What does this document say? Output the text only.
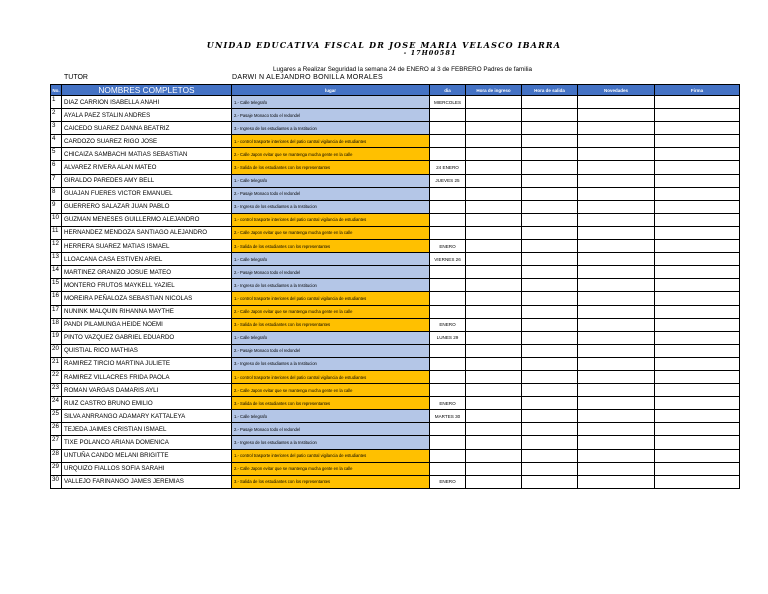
UNIDAD EDUCATIVA FISCAL DR JOSE MARIA VELASCO IBARRA
- 17H00581
Lugares a Realizar Seguridad la semana 24 de ENERO al 3 de FEBRERO Padres de familia
TUTOR	DARWI N ALEJANDRO BONILLA MORALES
No.	NOMBRES COMPLETOS	lugar	dia	Hora de ingreso	Hora de salida	Novedades	Firma
1	DIAZ CARRION ISABELLA ANAHI	1.- Calle telegrafo	MIERCOLES				
2	AYALA PAEZ STALIN ANDRES	2.- Pasaje Monaco todo el redondel					
3	CAICEDO SUAREZ DANNA BEATRIZ	3.- Ingreso de los estudiantes a la Institucion					
4	CARDOZO SUAREZ RIGO JOSE	1.- control trasporte interiores del patio cantral vigilancia de estudiantes					
5	CHICAIZA SAMBACHI MATIAS SEBASTIAN	2.- Calle Japon evitar que se mantenga mucha gente en la calle					
6	ALVAREZ RIVERA ALAN MATEO	3.- Salida de los estudiantes con los representantes	24 ENERO				
7	GIRALDO PAREDES AMY BELL	1.- Calle telegrafo	JUEVES 25				
8	GUAJAN FUERES VICTOR EMANUEL	2.- Pasaje Monaco todo el redondel					
9	GUERRERO SALAZAR JUAN PABLO	3.- Ingreso de los estudiantes a la Institucion					
10	GUZMAN MENESES GUILLERMO ALEJANDRO	1.- control trasporte interiores del patio cantral vigilancia de estudiantes					
11	HERNANDEZ MENDOZA SANTIAGO ALEJANDRO	2.- Calle Japon evitar que se mantenga mucha gente en la calle					
12	HERRERA SUAREZ MATIAS ISMAEL	3.- Salida de los estudiantes con los representantes	ENERO				
13	LLOACANA CASA ESTIVEN ARIEL	1.- Calle telegrafo	VIERNES 26				
14	MARTINEZ GRANIZO JOSUE MATEO	2.- Pasaje Monaco todo el redondel					
15	MONTERO FRUTOS MAYKELL YAZIEL	3.- Ingreso de los estudiantes a la Institucion					
16	MOREIRA PEÑALOZA SEBASTIAN NICOLAS	1.- control trasporte interiores del patio cantral vigilancia de estudiantes					
17	NUNINK MALQUIN RIHANNA MAYTHE	2.- Calle Japon evitar que se mantenga mucha gente en la calle					
18	PANDI PILAMUNGA HEIDE NOEMI	3.- Salida de los estudiantes con los representantes	ENERO				
19	PINTO VAZQUEZ GABRIEL EDUARDO	1.- Calle telegrafo	LUNES 29				
20	QUISTIAL RICO MATHIAS	2.- Pasaje Monaco todo el redondel					
21	RAMIREZ TIRCIO MARTINA JULIETE	3.- Ingreso de los estudiantes a la Institucion					
22	RAMIREZ VILLACRES FRIDA PAOLA	1.- control trasporte interiores del patio cantral vigilancia de estudiantes					
23	ROMAN VARGAS DAMARIS AYLI	2.- Calle Japon evitar que se mantenga mucha gente en la calle					
24	RUIZ CASTRO BRUNO EMILIO	3.- Salida de los estudiantes con los representantes	ENERO				
25	SILVA ANRRANGO ADAMARY KATTALEYA	1.- Calle telegrafo	MARTES 30				
26	TEJEDA JAIMES CRISTIAN ISMAEL	2.- Pasaje Monaco todo el redondel					
27	TIXE POLANCO ARIANA DOMENICA	3.- Ingreso de los estudiantes a la Institucion					
28	UNTUÑA CANDO MELANI BRIGITTE	1.- control trasporte interiores del patio cantral vigilancia de estudiantes					
29	URQUIZO FIALLOS SOFIA SARAHI	2.- Calle Japon evitar que se mantenga mucha gente en la calle					
30	VALLEJO FARINANGO JAMES JEREMIAS	3.- Salida de los estudiantes con los representantes	ENERO				
